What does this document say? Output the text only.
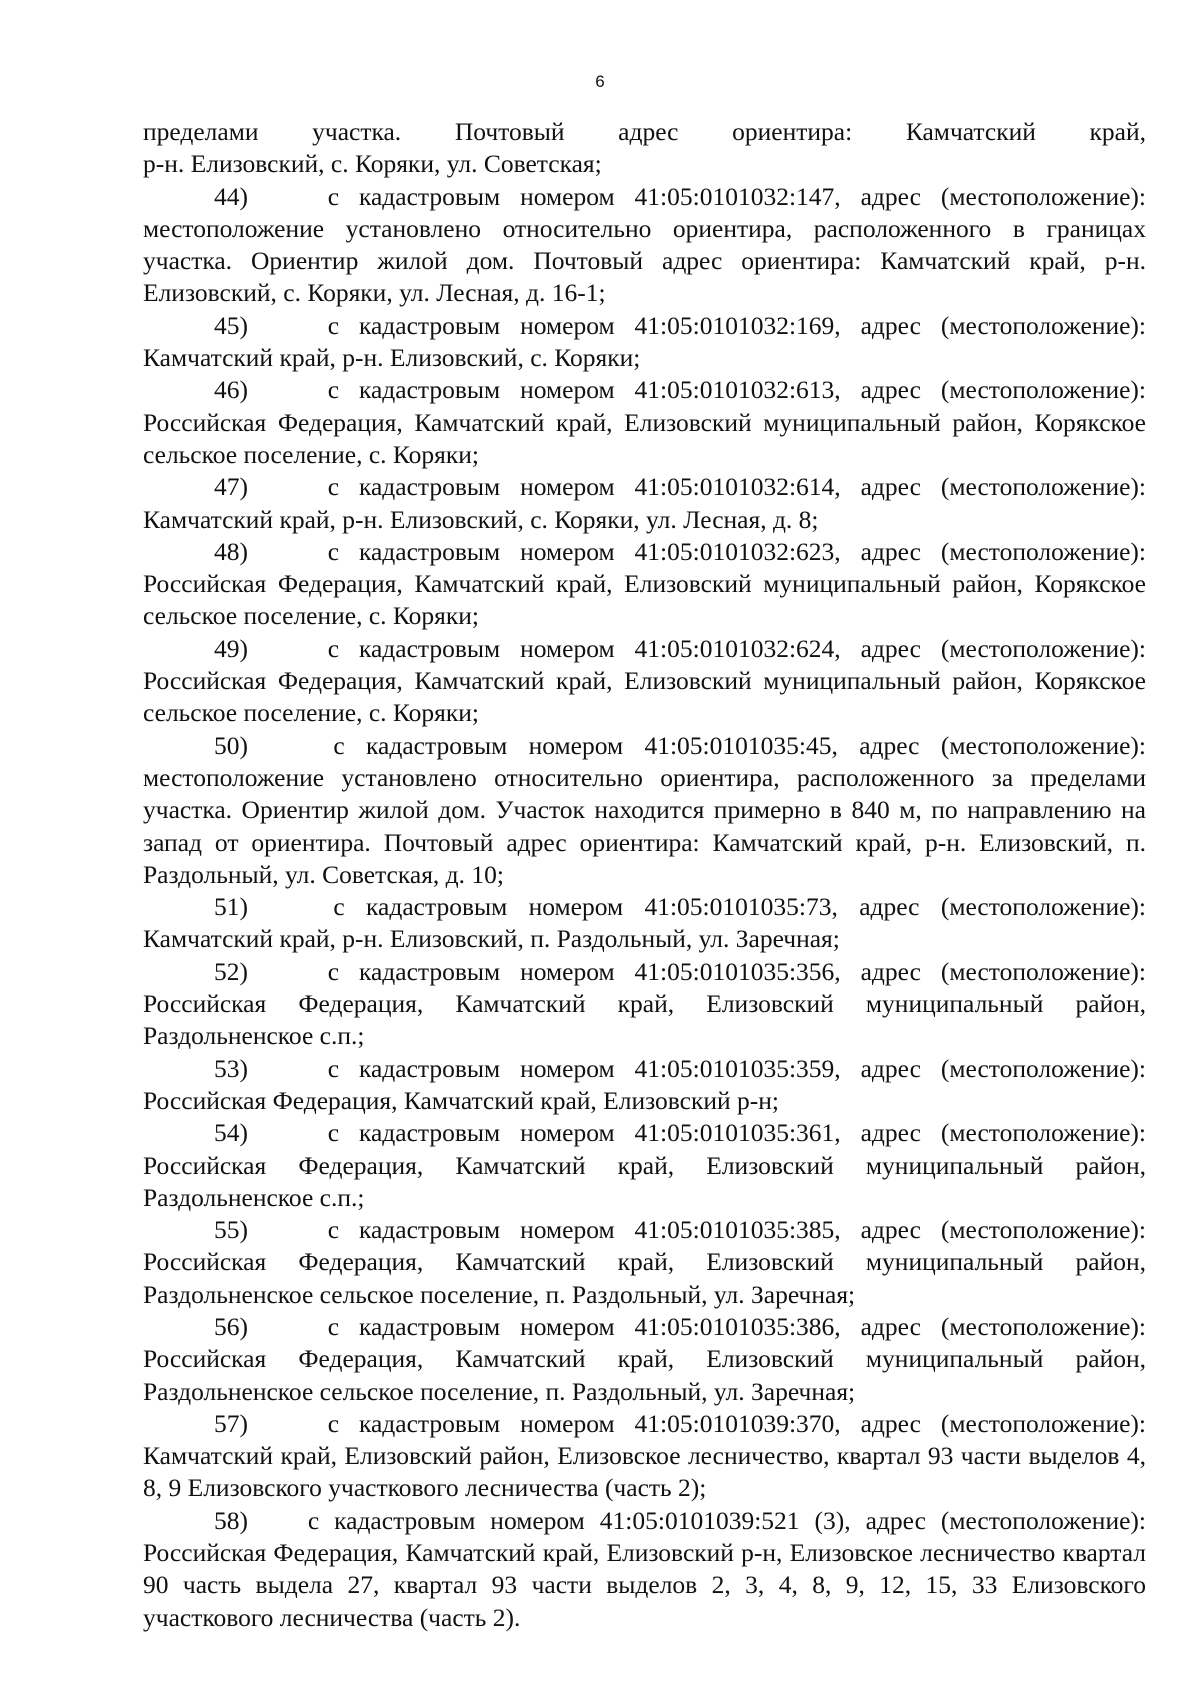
6

пределами участка. Почтовый адрес ориентира: Камчатский край,
р-н. Елизовский, с. Коряки, ул. Советская;

44)	с кадастровым номером 41:05:0101032:147, адрес (местоположение): местоположение установлено относительно ориентира, расположенного в границах участка. Ориентир жилой дом. Почтовый адрес ориентира: Камчатский край, р-н. Елизовский, с. Коряки, ул. Лесная, д. 16-1;

45)	с кадастровым номером 41:05:0101032:169, адрес (местоположение): Камчатский край, р-н. Елизовский, с. Коряки;

46)	с кадастровым номером 41:05:0101032:613, адрес (местоположение): Российская Федерация, Камчатский край, Елизовский муниципальный район, Корякское сельское поселение, с. Коряки;

47)	с кадастровым номером 41:05:0101032:614, адрес (местоположение): Камчатский край, р-н. Елизовский, с. Коряки, ул. Лесная, д. 8;

48)	с кадастровым номером 41:05:0101032:623, адрес (местоположение): Российская Федерация, Камчатский край, Елизовский муниципальный район, Корякское сельское поселение, с. Коряки;

49)	с кадастровым номером 41:05:0101032:624, адрес (местоположение): Российская Федерация, Камчатский край, Елизовский муниципальный район, Корякское сельское поселение, с. Коряки;

50)	с кадастровым номером 41:05:0101035:45, адрес (местоположение): местоположение установлено относительно ориентира, расположенного за пределами участка. Ориентир жилой дом. Участок находится примерно в 840 м, по направлению на запад от ориентира. Почтовый адрес ориентира: Камчатский край, р-н. Елизовский, п. Раздольный, ул. Советская, д. 10;

51)	с кадастровым номером 41:05:0101035:73, адрес (местоположение): Камчатский край, р-н. Елизовский, п. Раздольный, ул. Заречная;

52)	с кадастровым номером 41:05:0101035:356, адрес (местоположение): Российская Федерация, Камчатский край, Елизовский муниципальный район, Раздольненское с.п.;

53)	с кадастровым номером 41:05:0101035:359, адрес (местоположение): Российская Федерация, Камчатский край, Елизовский р-н;

54)	с кадастровым номером 41:05:0101035:361, адрес (местоположение): Российская Федерация, Камчатский край, Елизовский муниципальный район, Раздольненское с.п.;

55)	с кадастровым номером 41:05:0101035:385, адрес (местоположение): Российская Федерация, Камчатский край, Елизовский муниципальный район, Раздольненское сельское поселение, п. Раздольный, ул. Заречная;

56)	с кадастровым номером 41:05:0101035:386, адрес (местоположение): Российская Федерация, Камчатский край, Елизовский муниципальный район, Раздольненское сельское поселение, п. Раздольный, ул. Заречная;

57)	с кадастровым номером 41:05:0101039:370, адрес (местоположение): Камчатский край, Елизовский район, Елизовское лесничество, квартал 93 части выделов 4, 8, 9 Елизовского участкового лесничества (часть 2);

58) с кадастровым номером 41:05:0101039:521 (3), адрес (местоположение): Российская Федерация, Камчатский край, Елизовский р-н, Елизовское лесничество квартал 90 часть выдела 27, квартал 93 части выделов 2, 3, 4, 8, 9, 12, 15, 33 Елизовского участкового лесничества (часть 2).
